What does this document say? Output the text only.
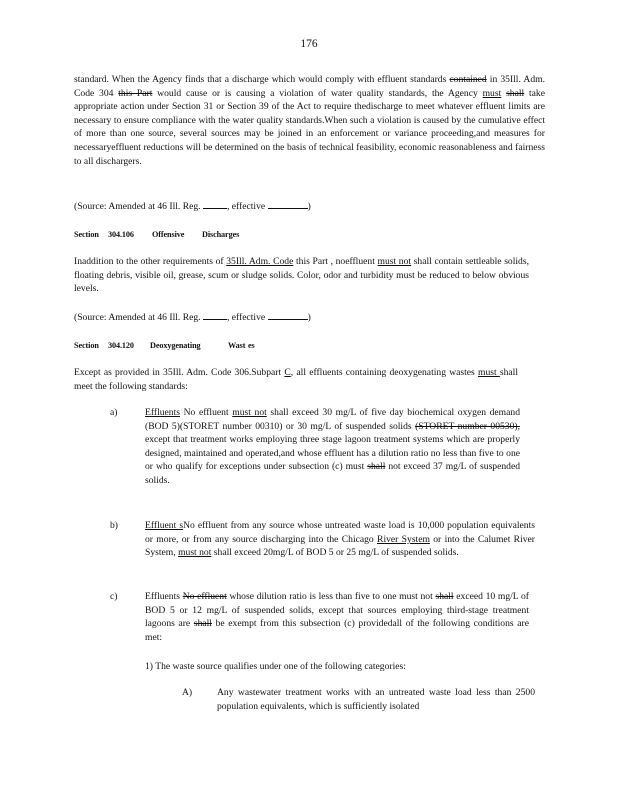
176

standard. When the Agency finds that a discharge which would comply with effluent standards contained in 35Ill. Adm. Code 304 this Part would cause or is causing a violation of water quality standards, the Agency must shall take appropriate action under Section 31 or Section 39 of the Act to require thedischarge to meet whatever effluent limits are necessary to ensure compliance with the water quality standards.When such a violation is caused by the cumulative effect of more than one source, several sources may be joined in an enforcement or variance proceeding,and measures for necessaryeffluent reductions will be determined on the basis of technical feasibility, economic reasonableness and fairness to all dischargers.

(Source: Amended at 46 Ill. Reg.	, effective	)
Section 304.106 Offensive Discharges

Inaddition to the other requirements of 35Ill. Adm. Code this Part , noeffluent must not shall contain settleable solids, floating debris, visible oil, grease, scum or sludge solids. Color, odor and turbidity must be reduced to below obvious levels.

(Source: Amended at 46 Ill. Reg.	, effective	)
Section 304.120 Deoxygenating	Wast es

Except as provided in 35Ill. Adm. Code 306.Subpart C, all effluents containing deoxygenating wastes must shall meet the following standards:

a)	Effluents No effluent must not shall exceed 30 mg/L of five day biochemical oxygen demand (BOD 5)(STORET number 00310) or 30 mg/L of suspended solids (STORET number 00530), except that treatment works employing three stage lagoon treatment systems which are properly designed, maintained and operated,and whose effluent has a dilution ratio no less than five to one or who qualify for exceptions under subsection (c) must shall not exceed 37 mg/L of suspended solids.
b)	Effluent sNo effluent from any source whose untreated waste load is 10,000 population equivalents or more, or from any source discharging into the Chicago River System or into the Calumet River System, must not shall exceed 20mg/L of BOD 5 or 25 mg/L of suspended solids.
c)	Effluents No effluent whose dilution ratio is less than five to one must not shall exceed 10 mg/L of BOD 5 or 12 mg/L of suspended solids, except that sources employing third-stage treatment lagoons are shall be exempt from this subsection (c) providedall of the following conditions are met:
1) The waste source qualifies under one of the following categories:
A)	Any wastewater treatment works with an untreated waste load less than 2500 population equivalents, which is sufficiently isolated
